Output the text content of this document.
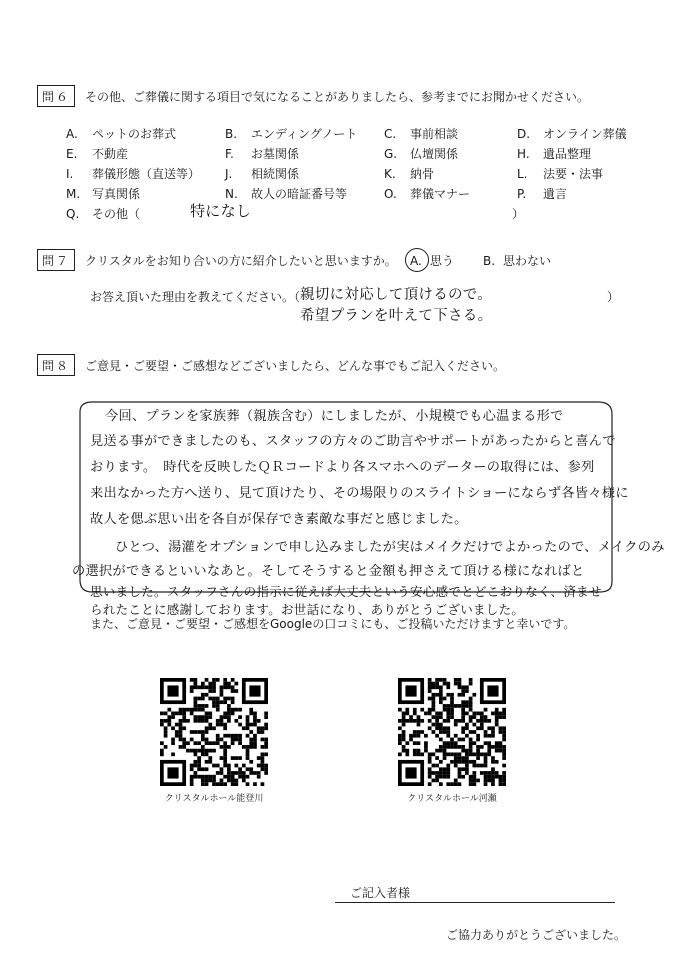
問６	その他、ご葬儀に関する項目で気になることがありましたら、参考までにお聞かせください。
A. ペットのお葬式	B. エンディングノート C. 事前相談	D. オンライン葬儀
E. 不動産	F. お墓関係	G. 仏壇関係	H. 遺品整理
I. 葬儀形態（直送等） J. 相続関係	K. 納骨	L. 法要・法事
M. 写真関係	N. 故人の暗証番号等	O. 葬儀マナー	P. 遺言
Q. その他（	特になし	）
問７	クリスタルをお知り合いの方に紹介したいと思いますか。 A. 思う B. 思わない
お答え頂いた理由を教えてください。（ 親切に対応して頂けるので。
希望プランを叶えて下さる。
）
問８	ご意見・ご要望・ご感想などございましたら、どんな事でもご記入ください。
今回、プランを家族葬（親族含む）にしましたが、小規模でも心温まる形で
見送る事ができましたのも、スタッフの方々のご助言やサポートがあったからと喜んで
おります。　時代を反映したＱＲコードより各スマホへのデーターの取得には、参列
来出なかった方へ送り、見て頂けたり、その場限りのスライトショーにならず各皆々様に
故人を偲ぶ思い出を各自が保存でき素敵な事だと感じました。
ひとつ、湯灌をオプションで申し込みましたが実はメイクだけでよかったので、メイクのみ
の選択ができるといいなあと。そしてそうすると金額も押さえて頂ける様になればと
思いました。スタッフさんの指示に従えば大丈夫という安心感でとどこおりなく、済ませ
られたことに感謝しております。お世話になり、ありがとうございました。
また、ご意見・ご要望・ご感想をGoogleの口コミにも、ご投稿いただけますと幸いです。
クリスタルホール能登川	クリスタルホール河瀬
ご記入者様
ご協力ありがとうございました。
